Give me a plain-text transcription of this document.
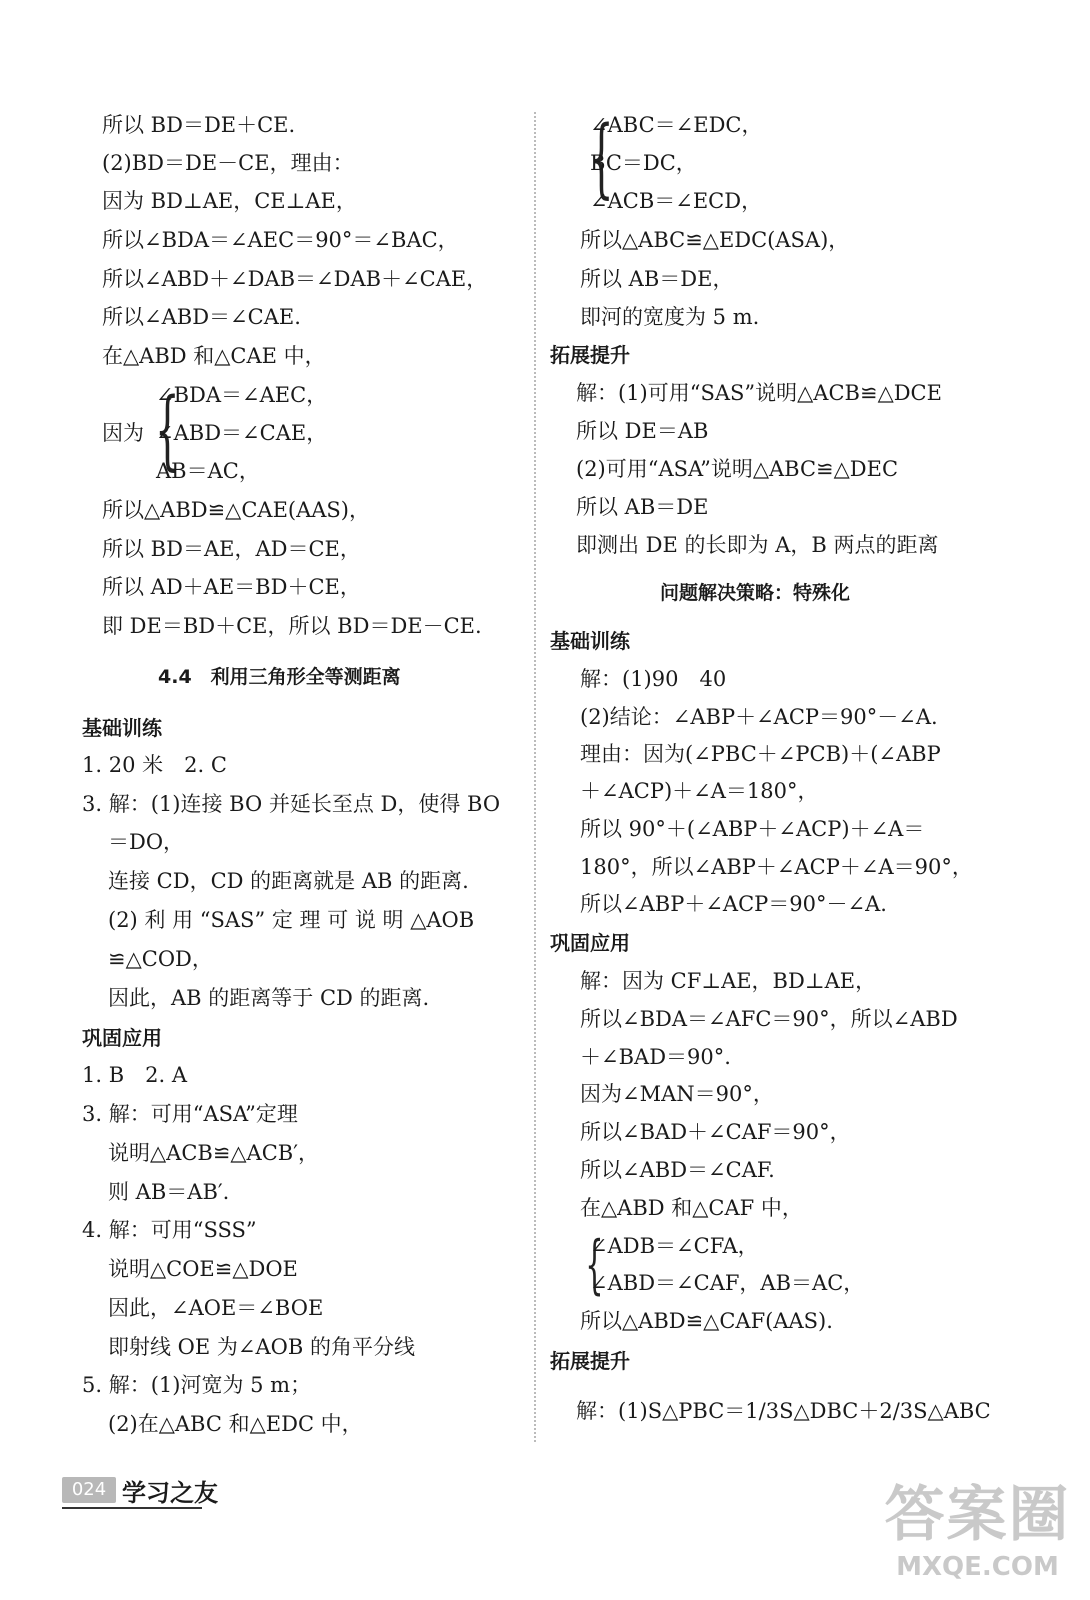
所以 BD＝DE＋CE.
(2)BD＝DE－CE，理由：
因为 BD⊥AE，CE⊥AE，
所以∠BDA＝∠AEC＝90°＝∠BAC，
所以∠ABD＋∠DAB＝∠DAB＋∠CAE，
所以∠ABD＝∠CAE.
在△ABD 和△CAE 中，
{
∠BDA＝∠AEC，
因为 ∠ABD＝∠CAE，
AB＝AC，
所以△ABD≌△CAE(AAS)，
所以 BD＝AE，AD＝CE，
所以 AD＋AE＝BD＋CE，
即 DE＝BD＋CE，所以 BD＝DE－CE.
4.4　利用三角形全等测距离
基础训练
1. 20 米　2. C
3. 解：(1)连接 BO 并延长至点 D，使得 BO
＝DO，
连接 CD，CD 的距离就是 AB 的距离.
(2) 利 用 “SAS” 定 理 可 说 明 △AOB
≌△COD，
因此，AB 的距离等于 CD 的距离.
巩固应用
1. B　2. A
3. 解：可用“ASA”定理
说明△ACB≌△ACB′，
则 AB＝AB′.
4. 解：可用“SSS”
说明△COE≌△DOE
因此，∠AOE＝∠BOE
即射线 OE 为∠AOB 的角平分线
5. 解：(1)河宽为 5 m；
(2)在△ABC 和△EDC 中，
{
∠ABC＝∠EDC，
BC＝DC，
∠ACB＝∠ECD，
所以△ABC≌△EDC(ASA)，
所以 AB＝DE，
即河的宽度为 5 m.
拓展提升
解：(1)可用“SAS”说明△ACB≌△DCE
所以 DE＝AB
(2)可用“ASA”说明△ABC≌△DEC
所以 AB＝DE
即测出 DE 的长即为 A，B 两点的距离
问题解决策略：特殊化
基础训练
解：(1)90　40
(2)结论：∠ABP＋∠ACP＝90°－∠A.
理由：因为(∠PBC＋∠PCB)＋(∠ABP
＋∠ACP)＋∠A＝180°，
所以 90°＋(∠ABP＋∠ACP)＋∠A＝
180°，所以∠ABP＋∠ACP＋∠A＝90°，
所以∠ABP＋∠ACP＝90°－∠A.
巩固应用
解：因为 CF⊥AE，BD⊥AE，
所以∠BDA＝∠AFC＝90°，所以∠ABD
＋∠BAD＝90°.
因为∠MAN＝90°，
所以∠BAD＋∠CAF＝90°，
所以∠ABD＝∠CAF.
在△ABD 和△CAF 中，
{
∠ADB＝∠CFA，
∠ABD＝∠CAF，AB＝AC，
所以△ABD≌△CAF(AAS).
拓展提升
解：(1)S△PBC＝1/3S△DBC＋2/3S△ABC
024 学习之友	答案圈
MXQE.COM
